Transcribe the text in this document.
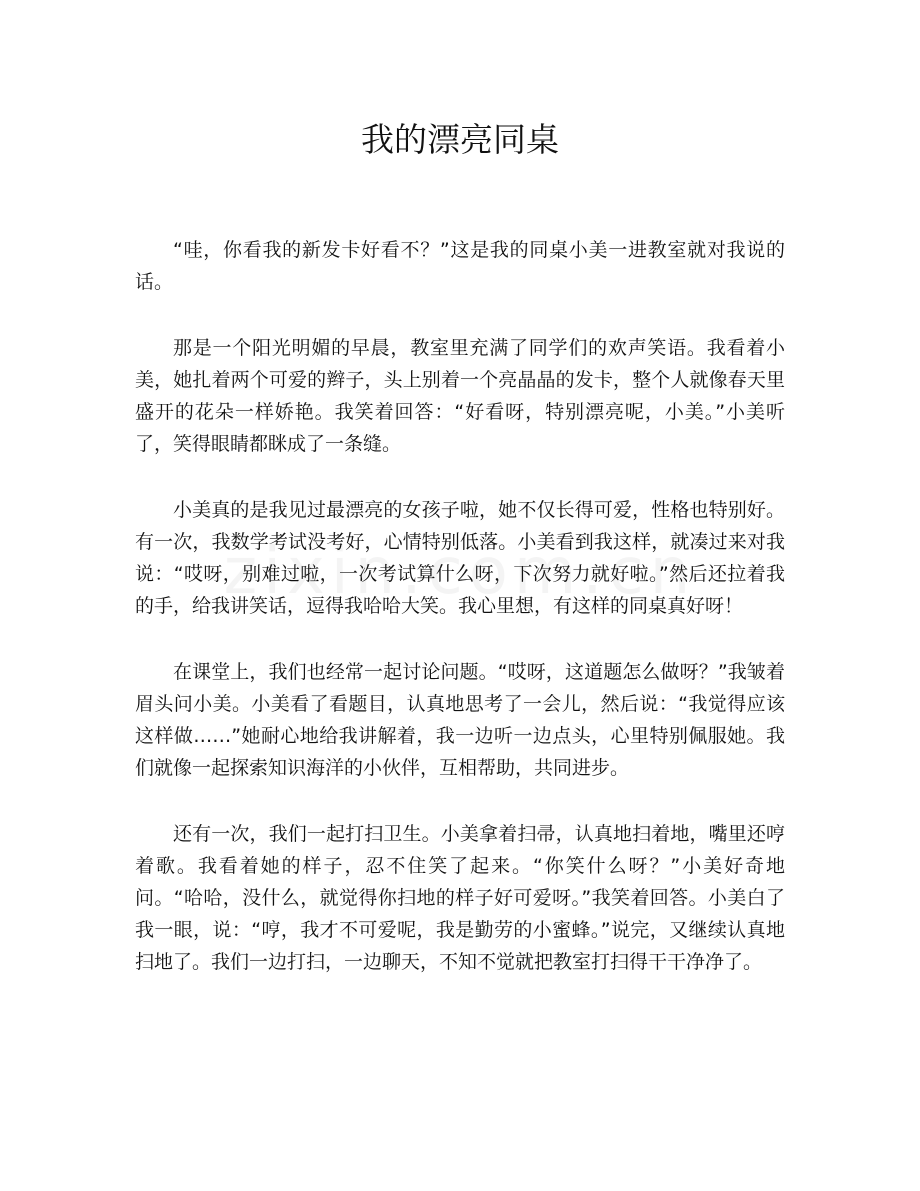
我的漂亮同桌

“哇，你看我的新发卡好看不？”这是我的同桌小美一进教室就对我说的话。

那是一个阳光明媚的早晨，教室里充满了同学们的欢声笑语。我看着小美，她扎着两个可爱的辫子，头上别着一个亮晶晶的发卡，整个人就像春天里盛开的花朵一样娇艳。我笑着回答：“好看呀，特别漂亮呢，小美。”小美听了，笑得眼睛都眯成了一条缝。

小美真的是我见过最漂亮的女孩子啦，她不仅长得可爱，性格也特别好。有一次，我数学考试没考好，心情特别低落。小美看到我这样，就凑过来对我说：“哎呀，别难过啦，一次考试算什么呀，下次努力就好啦。”然后还拉着我的手，给我讲笑话，逗得我哈哈大笑。我心里想，有这样的同桌真好呀！

在课堂上，我们也经常一起讨论问题。“哎呀，这道题怎么做呀？”我皱着眉头问小美。小美看了看题目，认真地思考了一会儿，然后说：“我觉得应该这样做……”她耐心地给我讲解着，我一边听一边点头，心里特别佩服她。我们就像一起探索知识海洋的小伙伴，互相帮助，共同进步。

还有一次，我们一起打扫卫生。小美拿着扫帚，认真地扫着地，嘴里还哼着歌。我看着她的样子，忍不住笑了起来。“你笑什么呀？”小美好奇地问。“哈哈，没什么，就觉得你扫地的样子好可爱呀。”我笑着回答。小美白了我一眼，说：“哼，我才不可爱呢，我是勤劳的小蜜蜂。”说完，又继续认真地扫地了。我们一边打扫，一边聊天，不知不觉就把教室打扫得干干净净了。
